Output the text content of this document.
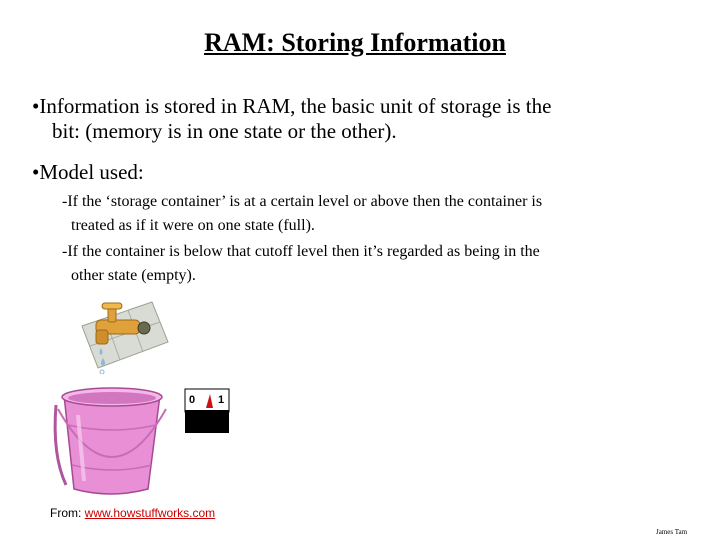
RAM: Storing Information
•Information is stored in RAM, the basic unit of storage is the
bit: (memory is in one state or the other).
•Model used:
-If the ‘storage container’ is at a certain level or above then the container is
treated as if it were on one state (full).
-If the container is below that cutoff level then it’s regarded as being in the
other state (empty).
0 1
From: www.howstuffworks.com
James Tam
